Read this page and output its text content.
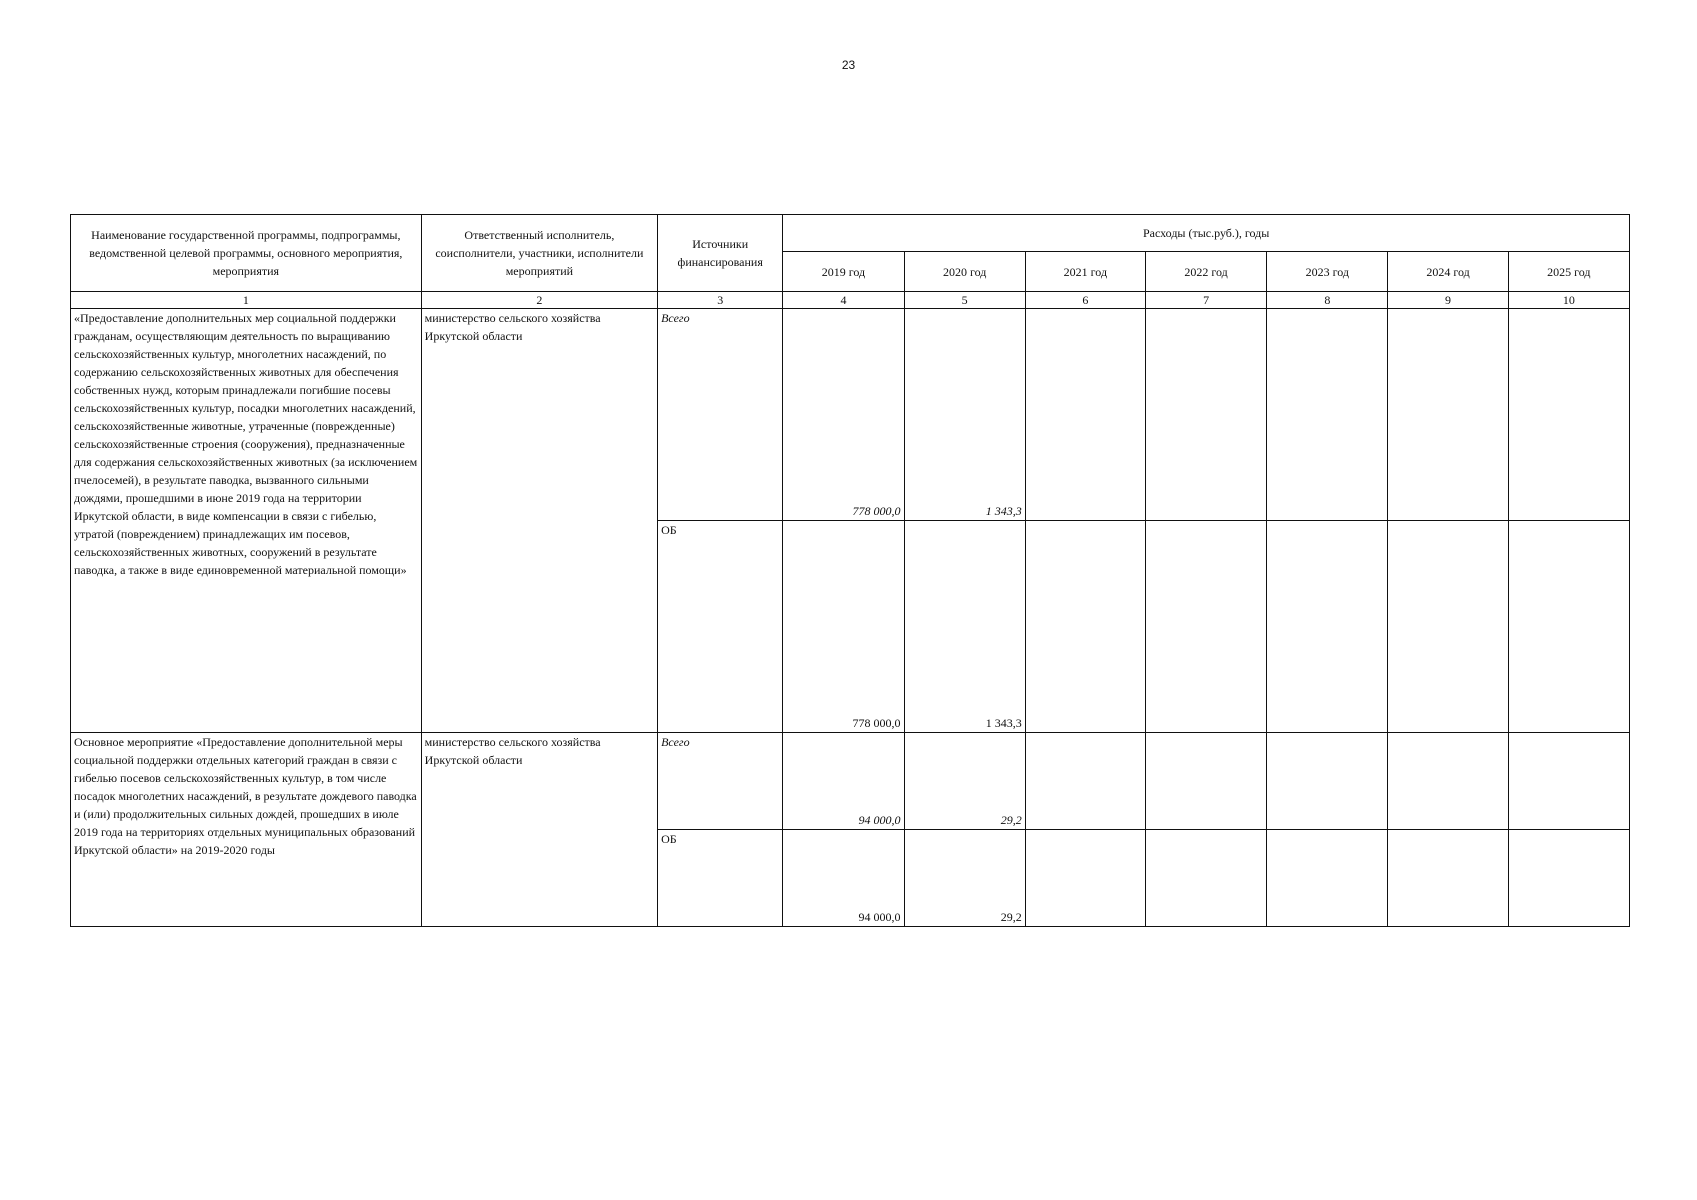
23
Наименование государственной программы, подпрограммы, ведомственной целевой программы, основного мероприятия, мероприятия	Ответственный исполнитель, соисполнители, участники, исполнители мероприятий	Источники финансирования	Расходы (тыс.руб.), годы						
			2019 год	2020 год	2021 год	2022 год	2023 год	2024 год	2025 год
1	2	3	4	5	6	7	8	9	10
«Предоставление дополнительных мер социальной поддержки гражданам, осуществляющим деятельность по выращиванию сельскохозяйственных культур, многолетних насаждений, по содержанию сельскохозяйственных животных для обеспечения собственных нужд, которым принадлежали погибшие посевы сельскохозяйственных культур, посадки многолетних насаждений, сельскохозяйственные животные, утраченные (поврежденные) сельскохозяйственные строения (сооружения), предназначенные для содержания сельскохозяйственных животных (за исключением пчелосемей), в результате паводка, вызванного сильными дождями, прошедшими в июне 2019 года на территории Иркутской области, в виде компенсации в связи с гибелью, утратой (повреждением) принадлежащих им посевов, сельскохозяйственных животных, сооружений в результате паводка, а также в виде единовременной материальной помощи»	министерство сельского хозяйства Иркутской области	Всего	778 000,0	1 343,3					
		ОБ	778 000,0	1 343,3					
Основное мероприятие «Предоставление дополнительной меры социальной поддержки отдельных категорий граждан в связи с гибелью посевов сельскохозяйственных культур, в том числе посадок многолетних насаждений, в результате дождевого паводка и (или) продолжительных сильных дождей, прошедших в июле 2019 года на территориях отдельных муниципальных образований Иркутской области» на 2019-2020 годы	министерство сельского хозяйства Иркутской области	Всего	94 000,0	29,2					
		ОБ	94 000,0	29,2					
